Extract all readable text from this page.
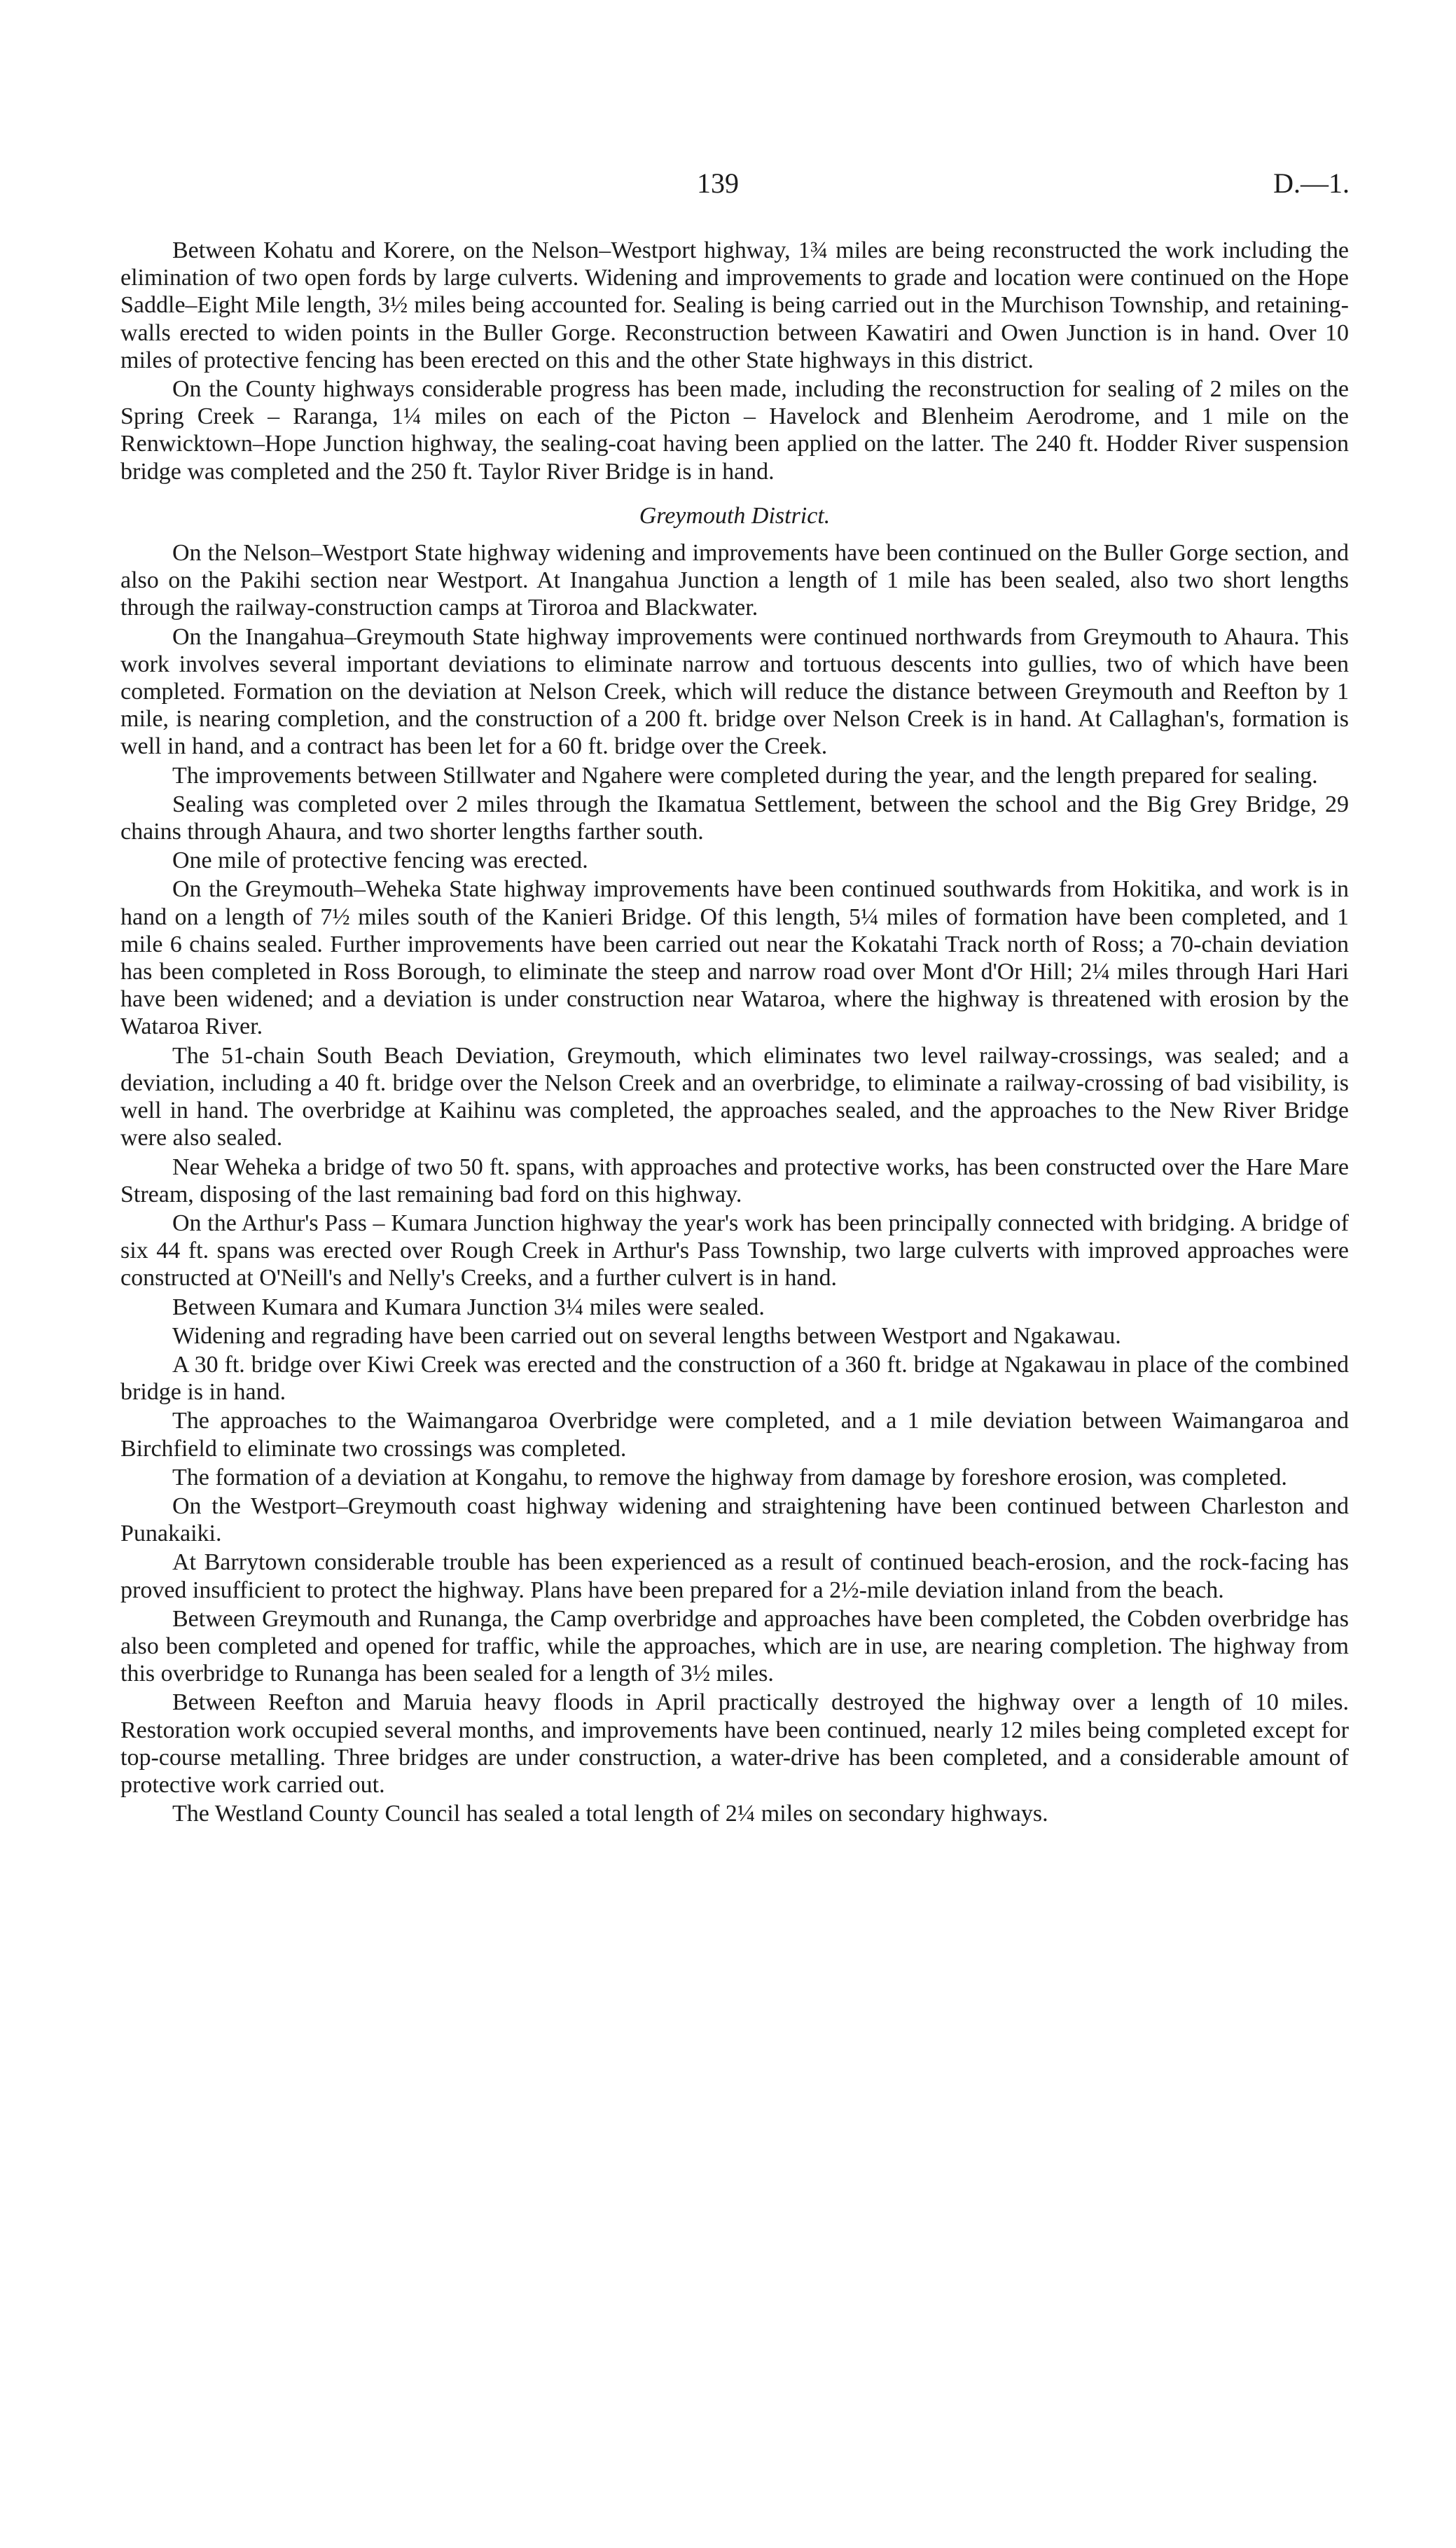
139	D.—1.

Between Kohatu and Korere, on the Nelson–Westport highway, 1¾ miles are being reconstructed the work including the elimination of two open fords by large culverts. Widening and improvements to grade and location were continued on the Hope Saddle–Eight Mile length, 3½ miles being accounted for. Sealing is being carried out in the Murchison Township, and retaining-walls erected to widen points in the Buller Gorge. Reconstruction between Kawatiri and Owen Junction is in hand. Over 10 miles of protective fencing has been erected on this and the other State highways in this district.

On the County highways considerable progress has been made, including the reconstruction for sealing of 2 miles on the Spring Creek – Raranga, 1¼ miles on each of the Picton – Havelock and Blenheim Aerodrome, and 1 mile on the Renwicktown–Hope Junction highway, the sealing-coat having been applied on the latter. The 240 ft. Hodder River suspension bridge was completed and the 250 ft. Taylor River Bridge is in hand.

Greymouth District.

On the Nelson–Westport State highway widening and improvements have been continued on the Buller Gorge section, and also on the Pakihi section near Westport. At Inangahua Junction a length of 1 mile has been sealed, also two short lengths through the railway-construction camps at Tiroroa and Blackwater.

On the Inangahua–Greymouth State highway improvements were continued northwards from Greymouth to Ahaura. This work involves several important deviations to eliminate narrow and tortuous descents into gullies, two of which have been completed. Formation on the deviation at Nelson Creek, which will reduce the distance between Greymouth and Reefton by 1 mile, is nearing completion, and the construction of a 200 ft. bridge over Nelson Creek is in hand. At Callaghan's, formation is well in hand, and a contract has been let for a 60 ft. bridge over the Creek.

The improvements between Stillwater and Ngahere were completed during the year, and the length prepared for sealing.

Sealing was completed over 2 miles through the Ikamatua Settlement, between the school and the Big Grey Bridge, 29 chains through Ahaura, and two shorter lengths farther south.

One mile of protective fencing was erected.

On the Greymouth–Weheka State highway improvements have been continued southwards from Hokitika, and work is in hand on a length of 7½ miles south of the Kanieri Bridge. Of this length, 5¼ miles of formation have been completed, and 1 mile 6 chains sealed. Further improvements have been carried out near the Kokatahi Track north of Ross; a 70-chain deviation has been completed in Ross Borough, to eliminate the steep and narrow road over Mont d'Or Hill; 2¼ miles through Hari Hari have been widened; and a deviation is under construction near Wataroa, where the highway is threatened with erosion by the Wataroa River.

The 51-chain South Beach Deviation, Greymouth, which eliminates two level railway-crossings, was sealed; and a deviation, including a 40 ft. bridge over the Nelson Creek and an overbridge, to eliminate a railway-crossing of bad visibility, is well in hand. The overbridge at Kaihinu was completed, the approaches sealed, and the approaches to the New River Bridge were also sealed.

Near Weheka a bridge of two 50 ft. spans, with approaches and protective works, has been constructed over the Hare Mare Stream, disposing of the last remaining bad ford on this highway.

On the Arthur's Pass – Kumara Junction highway the year's work has been principally connected with bridging. A bridge of six 44 ft. spans was erected over Rough Creek in Arthur's Pass Township, two large culverts with improved approaches were constructed at O'Neill's and Nelly's Creeks, and a further culvert is in hand.

Between Kumara and Kumara Junction 3¼ miles were sealed.

Widening and regrading have been carried out on several lengths between Westport and Ngakawau.

A 30 ft. bridge over Kiwi Creek was erected and the construction of a 360 ft. bridge at Ngakawau in place of the combined bridge is in hand.

The approaches to the Waimangaroa Overbridge were completed, and a 1 mile deviation between Waimangaroa and Birchfield to eliminate two crossings was completed.

The formation of a deviation at Kongahu, to remove the highway from damage by foreshore erosion, was completed.

On the Westport–Greymouth coast highway widening and straightening have been continued between Charleston and Punakaiki.

At Barrytown considerable trouble has been experienced as a result of continued beach-erosion, and the rock-facing has proved insufficient to protect the highway. Plans have been prepared for a 2½-mile deviation inland from the beach.

Between Greymouth and Runanga, the Camp overbridge and approaches have been completed, the Cobden overbridge has also been completed and opened for traffic, while the approaches, which are in use, are nearing completion. The highway from this overbridge to Runanga has been sealed for a length of 3½ miles.

Between Reefton and Maruia heavy floods in April practically destroyed the highway over a length of 10 miles. Restoration work occupied several months, and improvements have been continued, nearly 12 miles being completed except for top-course metalling. Three bridges are under construction, a water-drive has been completed, and a considerable amount of protective work carried out.

The Westland County Council has sealed a total length of 2¼ miles on secondary highways.
